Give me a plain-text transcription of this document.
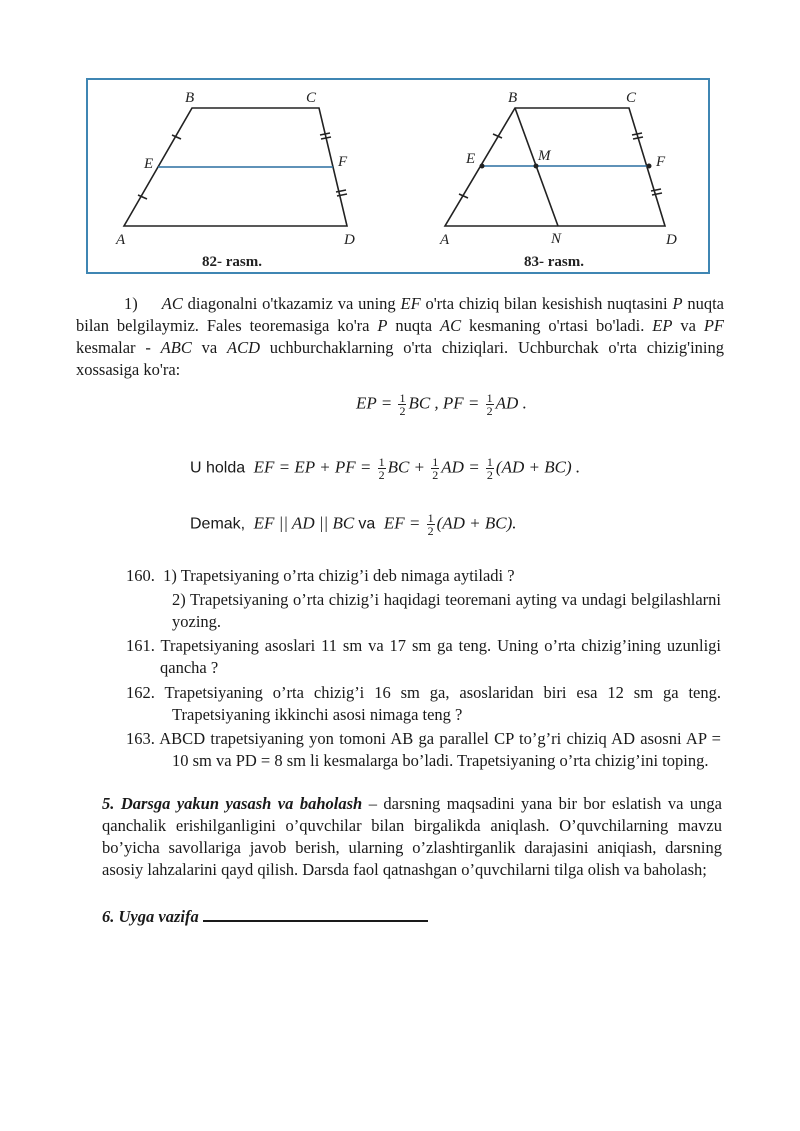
B	C
E	F
A	D
82- rasm.
B	C
E	M	F
A	N	D
83- rasm.
1) AC diagonalni o'tkazamiz va uning EF o'rta chiziq bilan kesishish nuqtasini P nuqta bilan belgilaymiz. Fales teoremasiga ko'ra P nuqta AC kesmaning o'rtasi bo'ladi. EP va PF kesmalar - ABC va ACD uchburchaklarning o'rta chiziqlari. Uchburchak o'rta chizig'ining xossasiga ko'ra:
EP = $\frac{1}{2}$ BC , PF = $\frac{1}{2}$ AD .
U holda EF = EP + PF = $\frac{1}{2}$ BC + $\frac{1}{2}$ AD = $\frac{1}{2} (AD + BC)$ .
Demak, EF || AD || BC va EF = $\frac{1}{2} (AD + BC)$.
160. 1) Trapetsiyaning o’rta chizig’i deb nimaga aytiladi ?
2) Trapetsiyaning o’rta chizig’i haqidagi teoremani ayting va undagi belgilashlarni yozing.
161. Trapetsiyaning asoslari 11 sm va 17 sm ga teng. Uning o’rta chizig’ining uzunligi qancha ?
162. Trapetsiyaning o’rta chizig’i 16 sm ga, asoslaridan biri esa 12 sm ga teng. Trapetsiyaning ikkinchi asosi nimaga teng ?
163. ABCD trapetsiyaning yon tomoni AB ga parallel CP to’g’ri chiziq AD asosni AP = 10 sm va PD = 8 sm li kesmalarga bo’ladi. Trapetsiyaning o’rta chizig’ini toping.
5. Darsga yakun yasash va baholash – darsning maqsadini yana bir bor eslatish va unga qanchalik erishilganligini o’quvchilar bilan birgalikda aniqlash. O’quvchilarning mavzu bo’yicha savollariga javob berish, ularning o’zlashtirganlik darajasini aniqiash, darsning asosiy lahzalarini qayd qilish. Darsda faol qatnashgan o’quvchilarni tilga olish va baholash;
6. Uyga vazifa
